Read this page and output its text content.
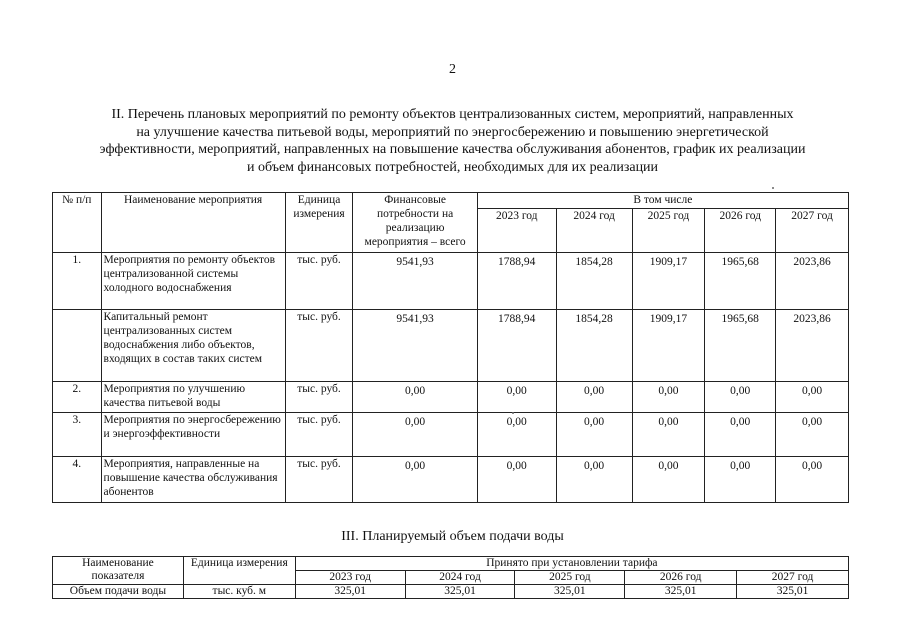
2
II. Перечень плановых мероприятий по ремонту объектов централизованных систем, мероприятий, направленных
на улучшение качества питьевой воды, мероприятий по энергосбережению и повышению энергетической
эффективности, мероприятий, направленных на повышение качества обслуживания абонентов, график их реализации
и объем финансовых потребностей, необходимых для их реализации
№ п/п	Наименование мероприятия	Единица измерения	Финансовые потребности на реализацию мероприятия – всего	В том числе				
				2023 год	2024 год	2025 год	2026 год	2027 год
1.	Мероприятия по ремонту объектов централизованной системы холодного водоснабжения	тыс. руб.	9541,93	1788,94	1854,28	1909,17	1965,68	2023,86
	Капитальный ремонт централизованных систем водоснабжения либо объектов, входящих в состав таких систем	тыс. руб.	9541,93	1788,94	1854,28	1909,17	1965,68	2023,86
2.	Мероприятия по улучшению качества питьевой воды	тыс. руб.	0,00	0,00	0,00	0,00	0,00	0,00
3.	Мероприятия по энергосбережению и энергоэффективности	тыс. руб.	0,00	0,00	0,00	0,00	0,00	0,00
4.	Мероприятия, направленные на повышение качества обслуживания абонентов	тыс. руб.	0,00	0,00	0,00	0,00	0,00	0,00
III. Планируемый объем подачи воды
Наименование показателя	Единица измерения	Принято при установлении тарифа				
		2023 год	2024 год	2025 год	2026 год	2027 год
Объем подачи воды	тыс. куб. м	325,01	325,01	325,01	325,01	325,01
